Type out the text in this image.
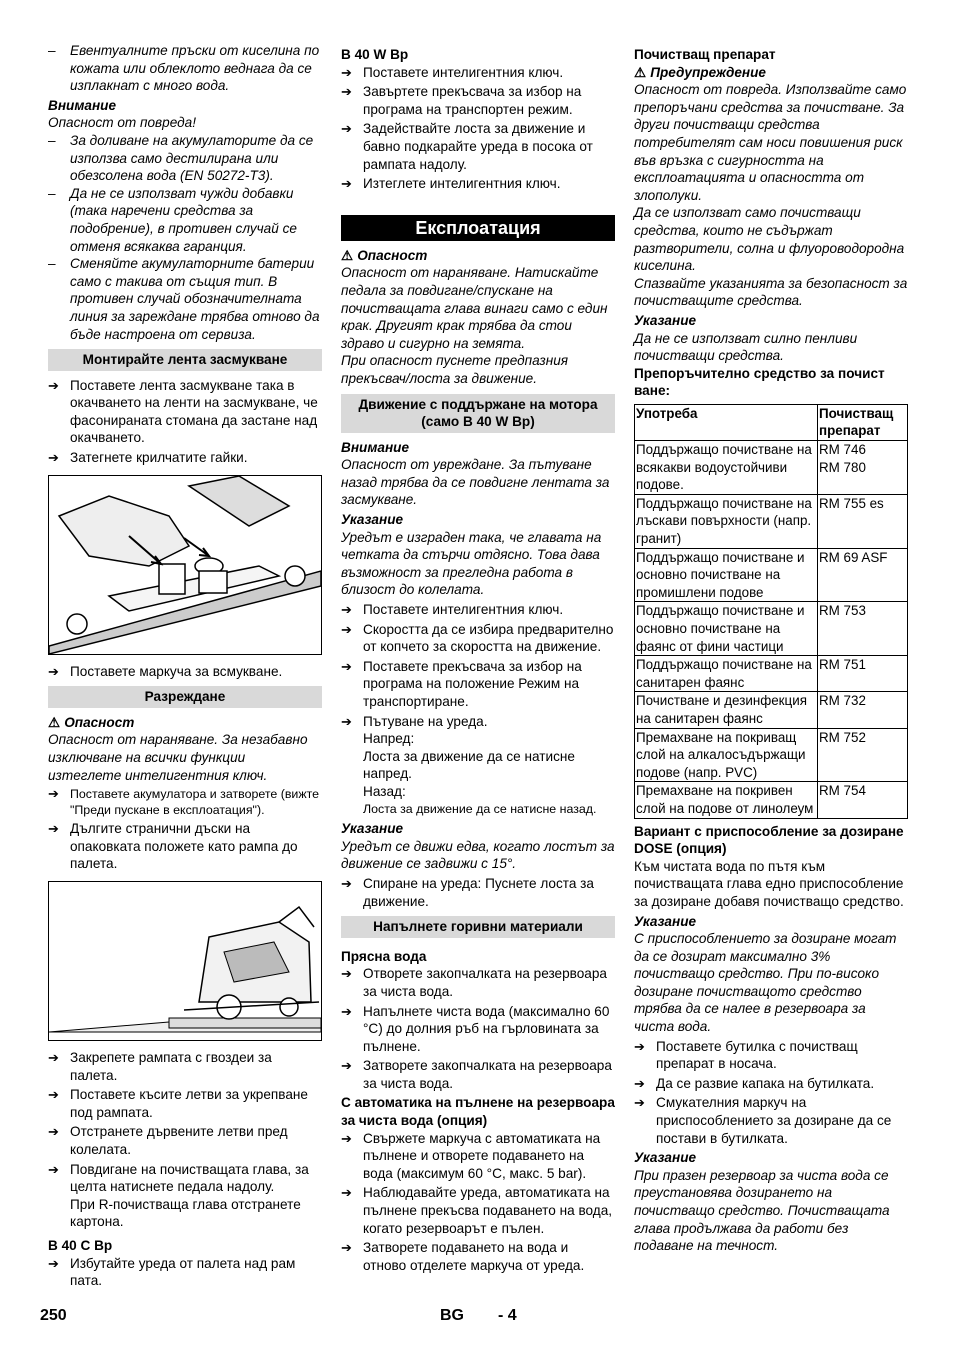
– Евентуалните пръски от киселина по кожата или облеклото веднага да се изплакнат с много вода.
Внимание
Опасност от повреда!
– За доливане на акумулаторите да се използва само дестилирана или обезсолена вода (EN 50272-T3).
– Да не се използват чужди добавки (така наречени средства за подобрение), в противен случай се отменя всякаква гаранция.
– Сменяйте акумулаторните батерии само с такива от същия тип. В противен случай обозначителната линия за зареждане трябва отново да бъде настроена от сервиза.
Монтирайте лента засмукване
➔ Поставете лента засмукване така в окачването на ленти на засмукване, че фасонираната стомана да застане над окачването.
➔ Затегнете крилчатите гайки.
➔ Поставете маркуча за всмукване.
Разреждане
⚠ Опасност
Опасност от нараняване. За незабавно изключване на всички функции изтеглете интелигентния ключ.
➔ Поставете акумулатора и затворете (вижте "Преди пускане в експлоатация").
➔ Дългите странични дъски на опаковката положете като рампа до палета.
➔ Закрепете рампата с гвоздеи за палета.
➔ Поставете късите летви за укрепване под рампата.
➔ Отстранете дървените летви пред колелата.
➔ Повдигане на почистващата глава, за целта натиснете педала надолу.
При R-почистваща глава отстранете картона.
B 40 C Bp
➔ Избутайте уреда от палета над рам пата.
B 40 W Bp
➔ Поставете интелигентния ключ.
➔ Завъртете прекъсвача за избор на програма на транспортен режим.
➔ Задействайте лоста за движение и бавно подкарайте уреда в посока от рампата надолу.
➔ Изтеглете интелигентния ключ.
Експлоатация
⚠ Опасност
Опасност от нараняване. Натискайте педала за повдигане/спускане на почистващата глава винаги само с един крак. Другият крак трябва да стои здраво и сигурно на земята.
При опасност пуснете предпазния прекъсвач/лоста за движение.
Движение с поддържане на мотора (само B 40 W Bp)
Внимание
Опасност от увреждане. За пътуване назад трябва да се повдигне лентата за засмукване.
Указание
Уредът е изграден така, че главата на четката да стърчи отдясно. Това дава възможност за прегледна работа в близост до колелата.
➔ Поставете интелигентния ключ.
➔ Скоростта да се избира предварително от копчето за скоростта на движение.
➔ Поставете прекъсвача за избор на програма на положение Режим на транспортиране.
➔ Пътуване на уреда.
Напред:
Лоста за движение да се натисне напред.
Назад:
Лоста за движение да се натисне назад.
Указание
Уредът се движи едва, когато лостът за движение се задвижи с 15°.
➔ Спиране на уреда: Пуснете лоста за движение.
Напълнете горивни материали
Прясна вода
➔ Отворете закопчалката на резервоара за чиста вода.
➔ Напълнете чиста вода (максимално 60 °C) до долния ръб на гърловината за пълнене.
➔ Затворете закопчалката на резервоара за чиста вода.
С автоматика на пълнене на резервоара за чиста вода (опция)
➔ Свържете маркуча с автоматиката на пълнене и отворете подаването на вода (максимум 60 °C, макс. 5 bar).
➔ Наблюдавайте уреда, автоматиката на пълнене прекъсва подаването на вода, когато резервоарът е пълен.
➔ Затворете подаването на вода и отново отделете маркуча от уреда.
Почистващ препарат
⚠ Предупреждение
Опасност от повреда. Използвайте само препоръчани средства за почистване. За други почистващи средства потребителят сам носи повишения риск във връзка с сигурността на експлоатацията и опасността от злополуки.
Да се използват само почистващи средства, които не съдържат разтворители, солна и флуороводородна киселина.
Спазвайте указанията за безопасност за почистващите средства.
Указание
Да не се използват силно пенливи почистващи средства.
Препоръчително средство за почист ване:
Употреба	Почистващ препарат
Поддържащо почистване на всякакви водоустойчиви подове.	RM 746
RM 780
Поддържащо почистване на лъскави повърхности (напр. гранит)	RM 755 es
Поддържащо почистване и основно почистване на промишлени подове	RM 69 ASF
Поддържащо почистване и основно почистване на фаянс от фини частици	RM 753
Поддържащо почистване на санитарен фаянс	RM 751
Почистване и дезинфекция на санитарен фаянс	RM 732
Премахване на покриващ слой на алкалосъдържащи подове (напр. PVC)	RM 752
Премахване на покривен слой на подове от линолеум	RM 754
Вариант с приспособление за дозиране DOSE (опция)
Към чистата вода по пътя към почистващата глава едно приспособление за дозиране добавя почистващо средство.
Указание
С приспособлението за дозиране могат да се дозират максимално 3% почистващо средство. При по-високо дозиране почистващото средство трябва да се налее в резервоара за чиста вода.
➔ Поставете бутилка с почистващ препарат в носача.
➔ Да се развие капака на бутилката.
➔ Смукателния маркуч на приспособлението за дозиране да се постави в бутилката.
Указание
При празен резервоар за чиста вода се преустановява дозирането на почистващо средство. Почистващата глава продължава да работи без подаване на течност.
250	BG - 4
